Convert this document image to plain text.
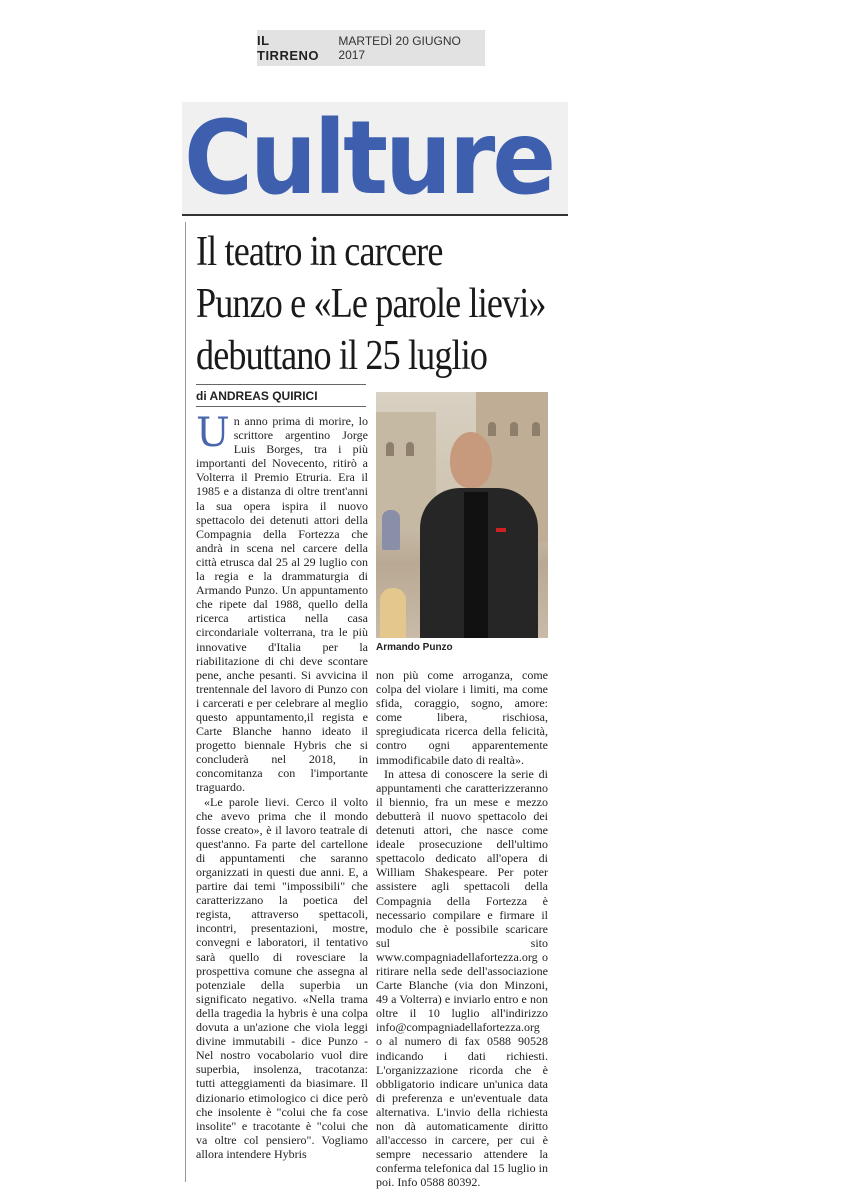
IL TIRRENO
MARTEDÌ 20 GIUGNO 2017
Culture
Il teatro in carcere
Punzo e «Le parole lievi»
debuttano il 25 luglio
di ANDREAS QUIRICI
Armando Punzo

Un anno prima di morire, lo scrittore argentino Jorge Luis Borges, tra i più importanti del Novecento, ritirò a Volterra il Premio Etruria. Era il 1985 e a distanza di oltre trent'anni la sua opera ispira il nuovo spettacolo dei detenuti attori della Compagnia della Fortezza che andrà in scena nel carcere della città etrusca dal 25 al 29 luglio con la regia e la drammaturgia di Armando Punzo. Un appuntamento che ripete dal 1988, quello della ricerca artistica nella casa circondariale volterrana, tra le più innovative d'Italia per la riabilitazione di chi deve scontare pene, anche pesanti. Si avvicina il trentennale del lavoro di Punzo con i carcerati e per celebrare al meglio questo appuntamento,il regista e Carte Blanche hanno ideato il progetto biennale Hybris che si concluderà nel 2018, in concomitanza con l'importante traguardo.

«Le parole lievi. Cerco il volto che avevo prima che il mondo fosse creato», è il lavoro teatrale di quest'anno. Fa parte del cartellone di appuntamenti che saranno organizzati in questi due anni. E, a partire dai temi "impossibili" che caratterizzano la poetica del regista, attraverso spettacoli, incontri, presentazioni, mostre, convegni e laboratori, il tentativo sarà quello di rovesciare la prospettiva comune che assegna al potenziale della superbia un significato negativo. «Nella trama della tragedia la hybris è una colpa dovuta a un'azione che viola leggi divine immutabili - dice Punzo - Nel nostro vocabolario vuol dire superbia, insolenza, tracotanza: tutti atteggiamenti da biasimare. Il dizionario etimologico ci dice però che insolente è "colui che fa cose insolite" e tracotante è "colui che va oltre col pensiero". Vogliamo allora intendere Hybris

non più come arroganza, come colpa del violare i limiti, ma come sfida, coraggio, sogno, amore: come libera, rischiosa, spregiudicata ricerca della felicità, contro ogni apparentemente immodificabile dato di realtà».

In attesa di conoscere la serie di appuntamenti che caratterizzeranno il biennio, fra un mese e mezzo debutterà il nuovo spettacolo dei detenuti attori, che nasce come ideale prosecuzione dell'ultimo spettacolo dedicato all'opera di William Shakespeare. Per poter assistere agli spettacoli della Compagnia della Fortezza è necessario compilare e firmare il modulo che è possibile scaricare sul sito www.compagniadellafortezza.org o ritirare nella sede dell'associazione Carte Blanche (via don Minzoni, 49 a Volterra) e inviarlo entro e non oltre il 10 luglio all'indirizzo info@compagniadellafortezza.org o al numero di fax 0588 90528 indicando i dati richiesti. L'organizzazione ricorda che è obbligatorio indicare un'unica data di preferenza e un'eventuale data alternativa. L'invio della richiesta non dà automaticamente diritto all'accesso in carcere, per cui è sempre necessario attendere la conferma telefonica dal 15 luglio in poi. Info 0588 80392.
